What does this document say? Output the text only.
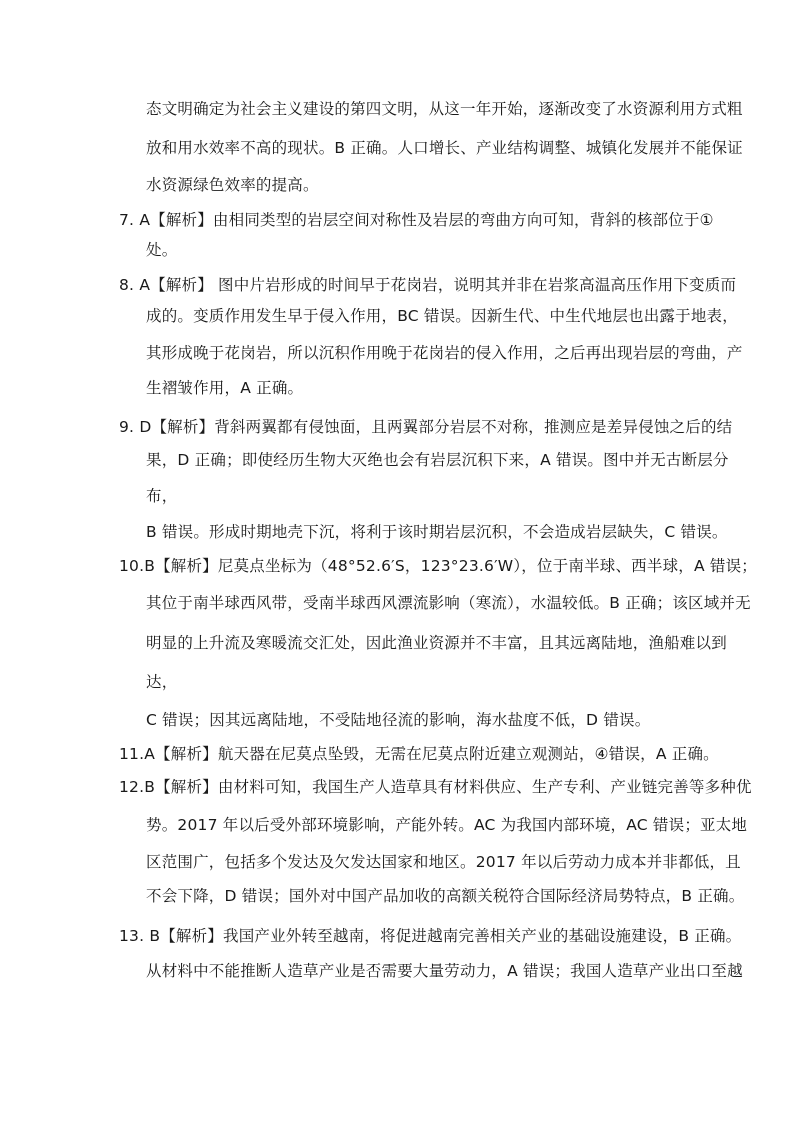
态文明确定为社会主义建设的第四文明，从这一年开始，逐渐改变了水资源利用方式粗
放和用水效率不高的现状。B 正确。人口增长、产业结构调整、城镇化发展并不能保证
水资源绿色效率的提高。
7. A【解析】由相同类型的岩层空间对称性及岩层的弯曲方向可知，背斜的核部位于①
处。
8. A【解析】 图中片岩形成的时间早于花岗岩，说明其并非在岩浆高温高压作用下变质而
成的。变质作用发生早于侵入作用，BC 错误。因新生代、中生代地层也出露于地表，
其形成晚于花岗岩，所以沉积作用晚于花岗岩的侵入作用，之后再出现岩层的弯曲，产
生褶皱作用，A 正确。
9. D【解析】背斜两翼都有侵蚀面，且两翼部分岩层不对称，推测应是差异侵蚀之后的结
果，D 正确；即使经历生物大灭绝也会有岩层沉积下来，A 错误。图中并无古断层分
布，
B 错误。形成时期地壳下沉，将利于该时期岩层沉积，不会造成岩层缺失，C 错误。
10.B【解析】尼莫点坐标为（48°52.6′S，123°23.6′W），位于南半球、西半球，A 错误；
其位于南半球西风带，受南半球西风漂流影响（寒流），水温较低。B 正确；该区域并无
明显的上升流及寒暖流交汇处，因此渔业资源并不丰富，且其远离陆地，渔船难以到
达，
C 错误；因其远离陆地，不受陆地径流的影响，海水盐度不低，D 错误。
11.A【解析】航天器在尼莫点坠毁，无需在尼莫点附近建立观测站，④错误，A 正确。
12.B【解析】由材料可知，我国生产人造草具有材料供应、生产专利、产业链完善等多种优
势。2017 年以后受外部环境影响，产能外转。AC 为我国内部环境，AC 错误；亚太地
区范围广，包括多个发达及欠发达国家和地区。2017 年以后劳动力成本并非都低，且
不会下降，D 错误；国外对中国产品加收的高额关税符合国际经济局势特点，B 正确。
13. B【解析】我国产业外转至越南，将促进越南完善相关产业的基础设施建设，B 正确。
从材料中不能推断人造草产业是否需要大量劳动力，A 错误；我国人造草产业出口至越
